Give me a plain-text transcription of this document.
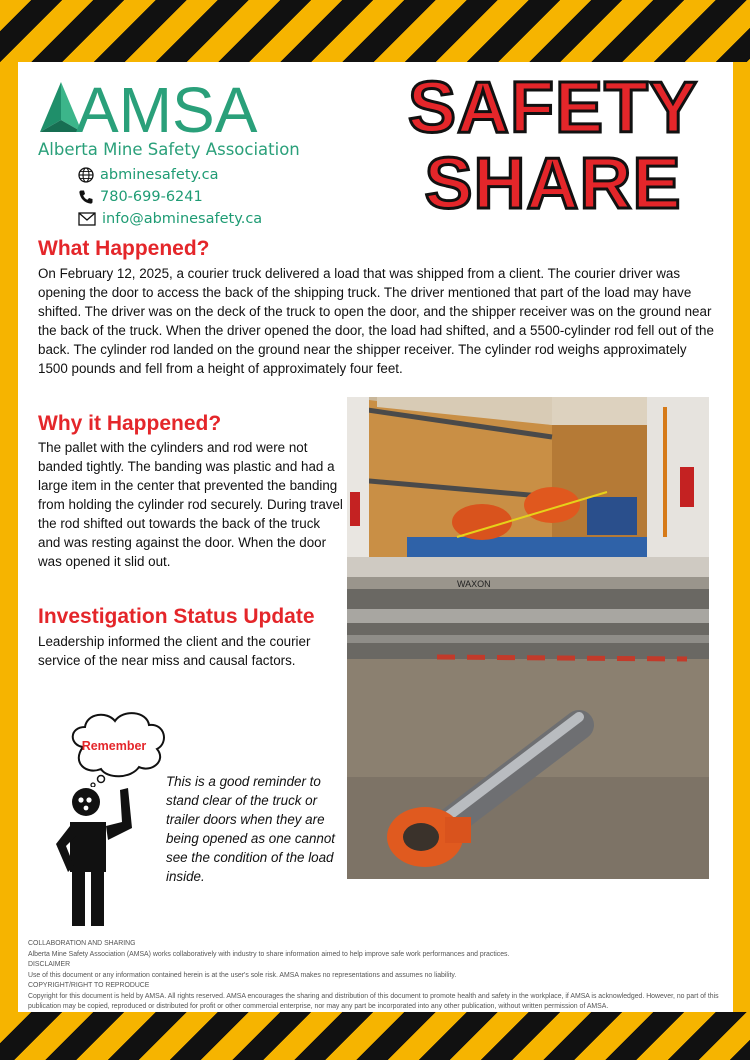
AMSA
Alberta Mine Safety Association
abminesafety.ca
780-699-6241
info@abminesafety.ca
SAFETY
SHARE
What Happened?

On February 12, 2025, a courier truck delivered a load that was shipped from a client. The courier driver was opening the door to access the back of the shipping truck. The driver mentioned that part of the load may have shifted. The driver was on the deck of the truck to open the door, and the shipper receiver was on the ground near the back of the truck. When the driver opened the door, the load had shifted, and a 5500-cylinder rod fell out of the back. The cylinder rod landed on the ground near the shipper receiver. The cylinder rod weighs approximately 1500 pounds and fell from a height of approximately four feet.

Why it Happened?

The pallet with the cylinders and rod were not banded tightly. The banding was plastic and had a large item in the center that prevented the banding from holding the cylinder rod securely. During travel the rod shifted out towards the back of the truck and was resting against the door. When the door was opened it slid out.

Investigation Status Update

Leadership informed the client and the courier service of the near miss and causal factors.

WAXON
Remember

This is a good reminder to stand clear of the truck or trailer doors when they are being opened as one cannot see the condition of the load inside.

COLLABORATION AND SHARING
Alberta Mine Safety Association (AMSA) works collaboratively with industry to share information aimed to help improve safe work performances and practices.
DISCLAIMER
Use of this document or any information contained herein is at the user's sole risk. AMSA makes no representations and assumes no liability.
COPYRIGHT/RIGHT TO REPRODUCE
Copyright for this document is held by AMSA. All rights reserved. AMSA encourages the sharing and distribution of this document to promote health and safety in the workplace, if AMSA is acknowledged. However, no part of this publication may be copied, reproduced or distributed for profit or other commercial enterprise, nor may any part be incorporated into any other publication, without written permission of AMSA.
